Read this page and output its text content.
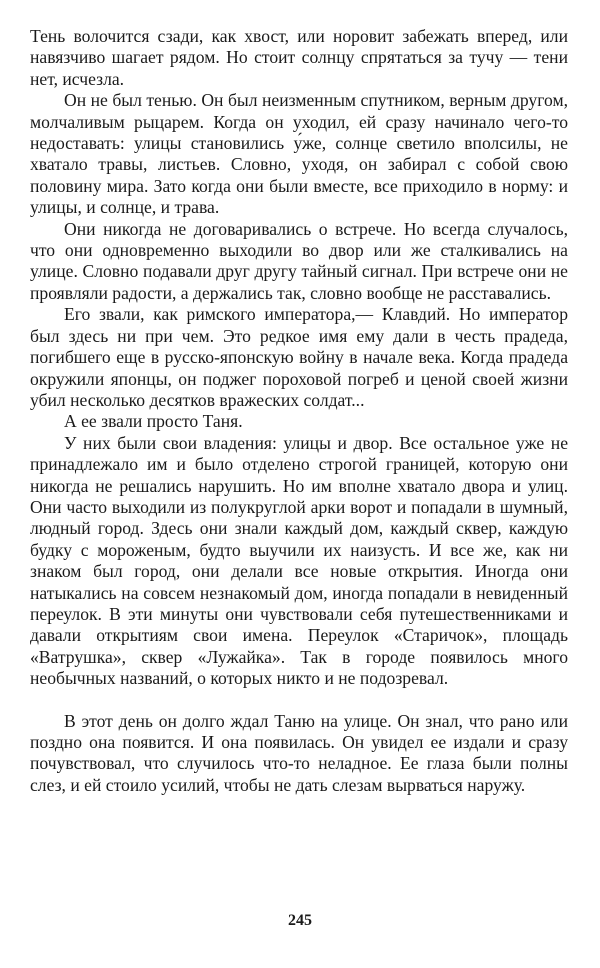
Тень волочится сзади, как хвост, или норовит забежать вперед, или навязчиво шагает рядом. Но стоит солнцу спрятаться за тучу — тени нет, исчезла.

Он не был тенью. Он был неизменным спутником, верным другом, молчаливым рыцарем. Когда он уходил, ей сразу начинало чего-то недоставать: улицы становились у́же, солнце светило вполсилы, не хватало травы, листьев. Словно, уходя, он забирал с собой свою половину мира. Зато когда они были вместе, все приходило в норму: и улицы, и солнце, и трава.

Они никогда не договаривались о встрече. Но всегда случалось, что они одновременно выходили во двор или же сталкивались на улице. Словно подавали друг другу тайный сигнал. При встрече они не проявляли радости, а держались так, словно вообще не расставались.

Его звали, как римского императора,— Клавдий. Но император был здесь ни при чем. Это редкое имя ему дали в честь прадеда, погибшего еще в русско-японскую войну в начале века. Когда прадеда окружили японцы, он поджег пороховой погреб и ценой своей жизни убил несколько десятков вражеских солдат...

А ее звали просто Таня.

У них были свои владения: улицы и двор. Все остальное уже не принадлежало им и было отделено строгой границей, которую они никогда не решались нарушить. Но им вполне хватало двора и улиц. Они часто выходили из полукруглой арки ворот и попадали в шумный, людный город. Здесь они знали каждый дом, каждый сквер, каждую будку с мороженым, будто выучили их наизусть. И все же, как ни знаком был город, они делали все новые открытия. Иногда они натыкались на совсем незнакомый дом, иногда попадали в невиденный переулок. В эти минуты они чувствовали себя путешественниками и давали открытиям свои имена. Переулок «Старичок», площадь «Ватрушка», сквер «Лужайка». Так в городе появилось много необычных названий, о которых никто и не подозревал.

В этот день он долго ждал Таню на улице. Он знал, что рано или поздно она появится. И она появилась. Он увидел ее издали и сразу почувствовал, что случилось что-то неладное. Ее глаза были полны слез, и ей стоило усилий, чтобы не дать слезам вырваться наружу.

245
